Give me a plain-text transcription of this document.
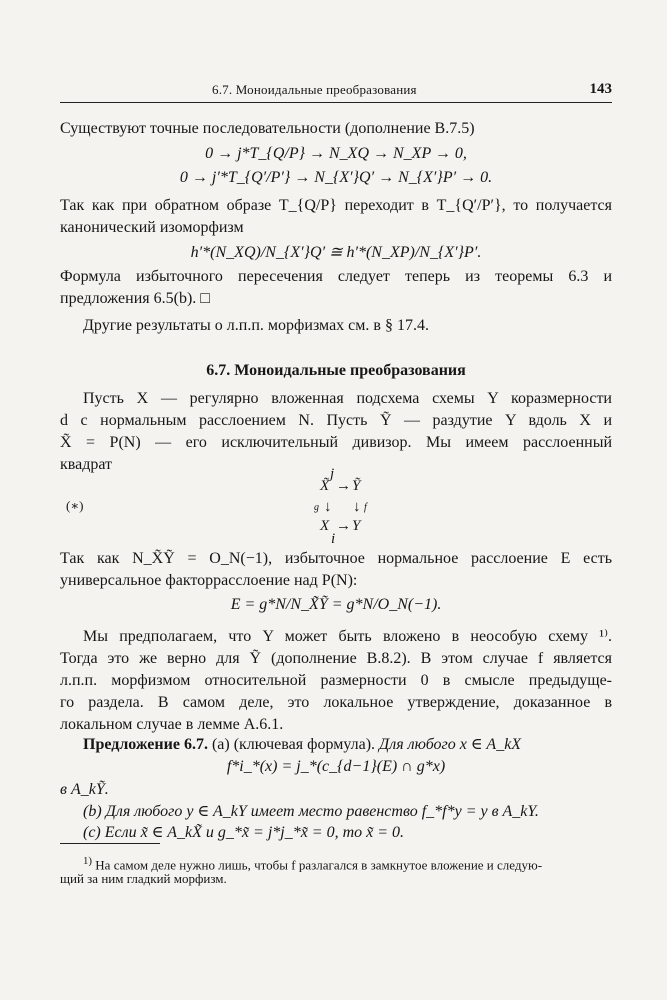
6.7. Моноидальные преобразования	143
Существуют точные последовательности (дополнение B.7.5)
0 → j*T_{Q/P} → N_XQ → N_XP → 0,
0 → j′*T_{Q′/P′} → N_{X′}Q′ → N_{X′}P′ → 0.
Так как при обратном образе T_{Q/P} переходит в T_{Q′/P′}, то получается
канонический изоморфизм
h′*(N_XQ)/N_{X′}Q′ ≅ h′*(N_XP)/N_{X′}P′.
Формула избыточного пересечения следует теперь из теоремы 6.3 и
предложения 6.5(b). □
Другие результаты о л.п.п. морфизмах см. в § 17.4.
6.7. Моноидальные преобразования
Пусть X — регулярно вложенная подсхема схемы Y коразмерности
d с нормальным расслоением N. Пусть Ỹ — раздутие Y вдоль X и
X̃ = P(N) — его исключительный дивизор. Мы имеем расслоенный
квадрат
(∗)
j
X̃ → Ỹ
g ↓ ↓ f
X → Y
i
Так как N_X̃Ỹ = O_N(−1), избыточное нормальное расслоение E есть
универсальное факторрасслоение над P(N):
E = g*N/N_X̃Ỹ = g*N/O_N(−1).
Мы предполагаем, что Y может быть вложено в неособую схему ¹⁾.
Тогда это же верно для Ỹ (дополнение B.8.2). В этом случае f является
л.п.п. морфизмом относительной размерности 0 в смысле предыдуще-
го раздела. В самом деле, это локальное утверждение, доказанное в
локальном случае в лемме А.6.1.
Предложение 6.7. (а) (ключевая формула). Для любого x ∈ A_kX
f*i_*(x) = j_*(c_{d−1}(E) ∩ g*x)
в A_kỸ.
(b) Для любого y ∈ A_kY имеет место равенство f_*f*y = y в A_kY.
(c) Если x̃ ∈ A_kX̃ и g_*x̃ = j*j_*x̃ = 0, то x̃ = 0.
$^{1)}$ На самом деле нужно лишь, чтобы f разлагался в замкнутое вложение и следую-
щий за ним гладкий морфизм.
